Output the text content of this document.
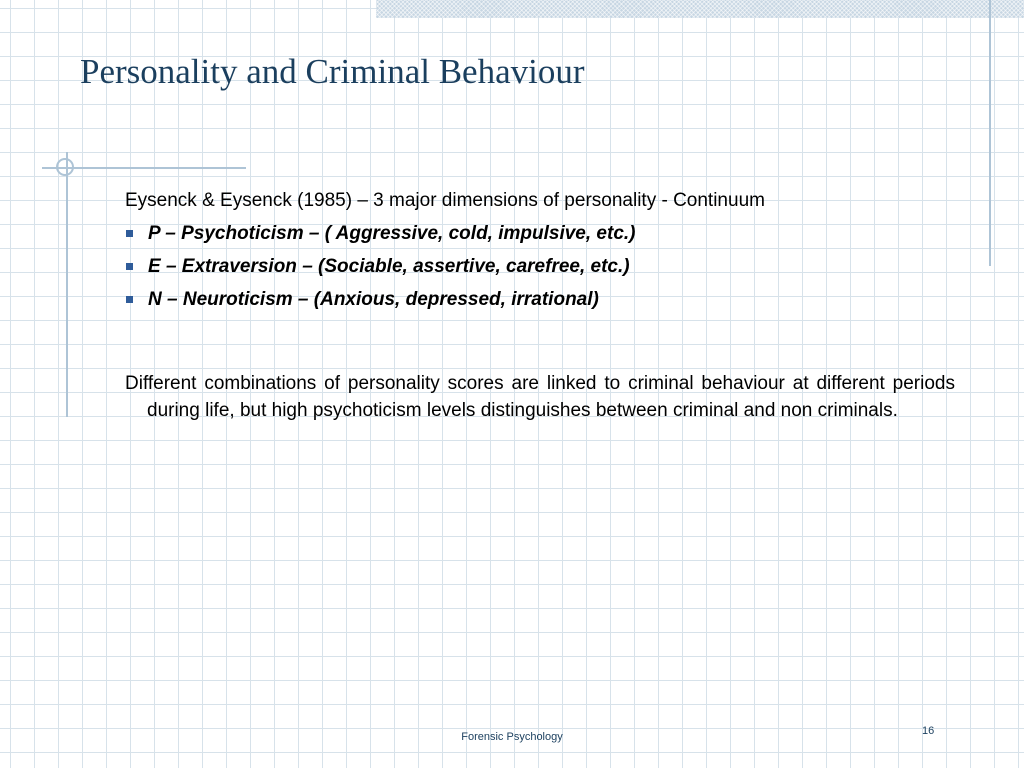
Personality and Criminal Behaviour

Eysenck & Eysenck (1985) – 3 major dimensions of personality - Continuum

P – Psychoticism – ( Aggressive, cold, impulsive, etc.)
E – Extraversion – (Sociable, assertive, carefree, etc.)
N – Neuroticism – (Anxious, depressed, irrational)

Different combinations of personality scores are linked to criminal behaviour at different periods during life, but high psychoticism levels distinguishes between criminal and non criminals.

Forensic Psychology	16
